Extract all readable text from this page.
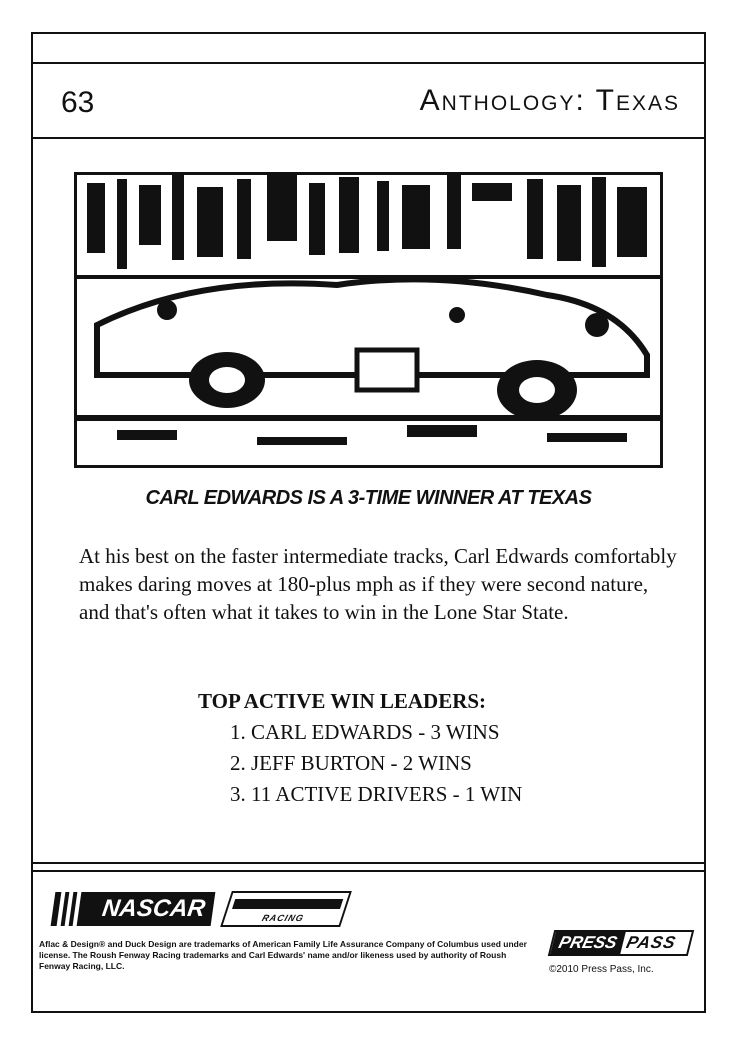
63	Anthology: Texas
CARL EDWARDS IS A 3-TIME WINNER AT TEXAS
At his best on the faster intermediate tracks, Carl Edwards comfortably makes daring moves at 180-plus mph as if they were second nature, and that's often what it takes to win in the Lone Star State.
TOP ACTIVE WIN LEADERS:
1. CARL EDWARDS - 3 WINS
2. JEFF BURTON - 2 WINS
3. 11 ACTIVE DRIVERS - 1 WIN
NASCAR	RACING
Aflac & Design® and Duck Design are trademarks of American Family Life Assurance Company of Columbus used under license. The Roush Fenway Racing trademarks and Carl Edwards' name and/or likeness used by authority of Roush Fenway Racing, LLC.
PRESS PASS
©2010 Press Pass, Inc.
